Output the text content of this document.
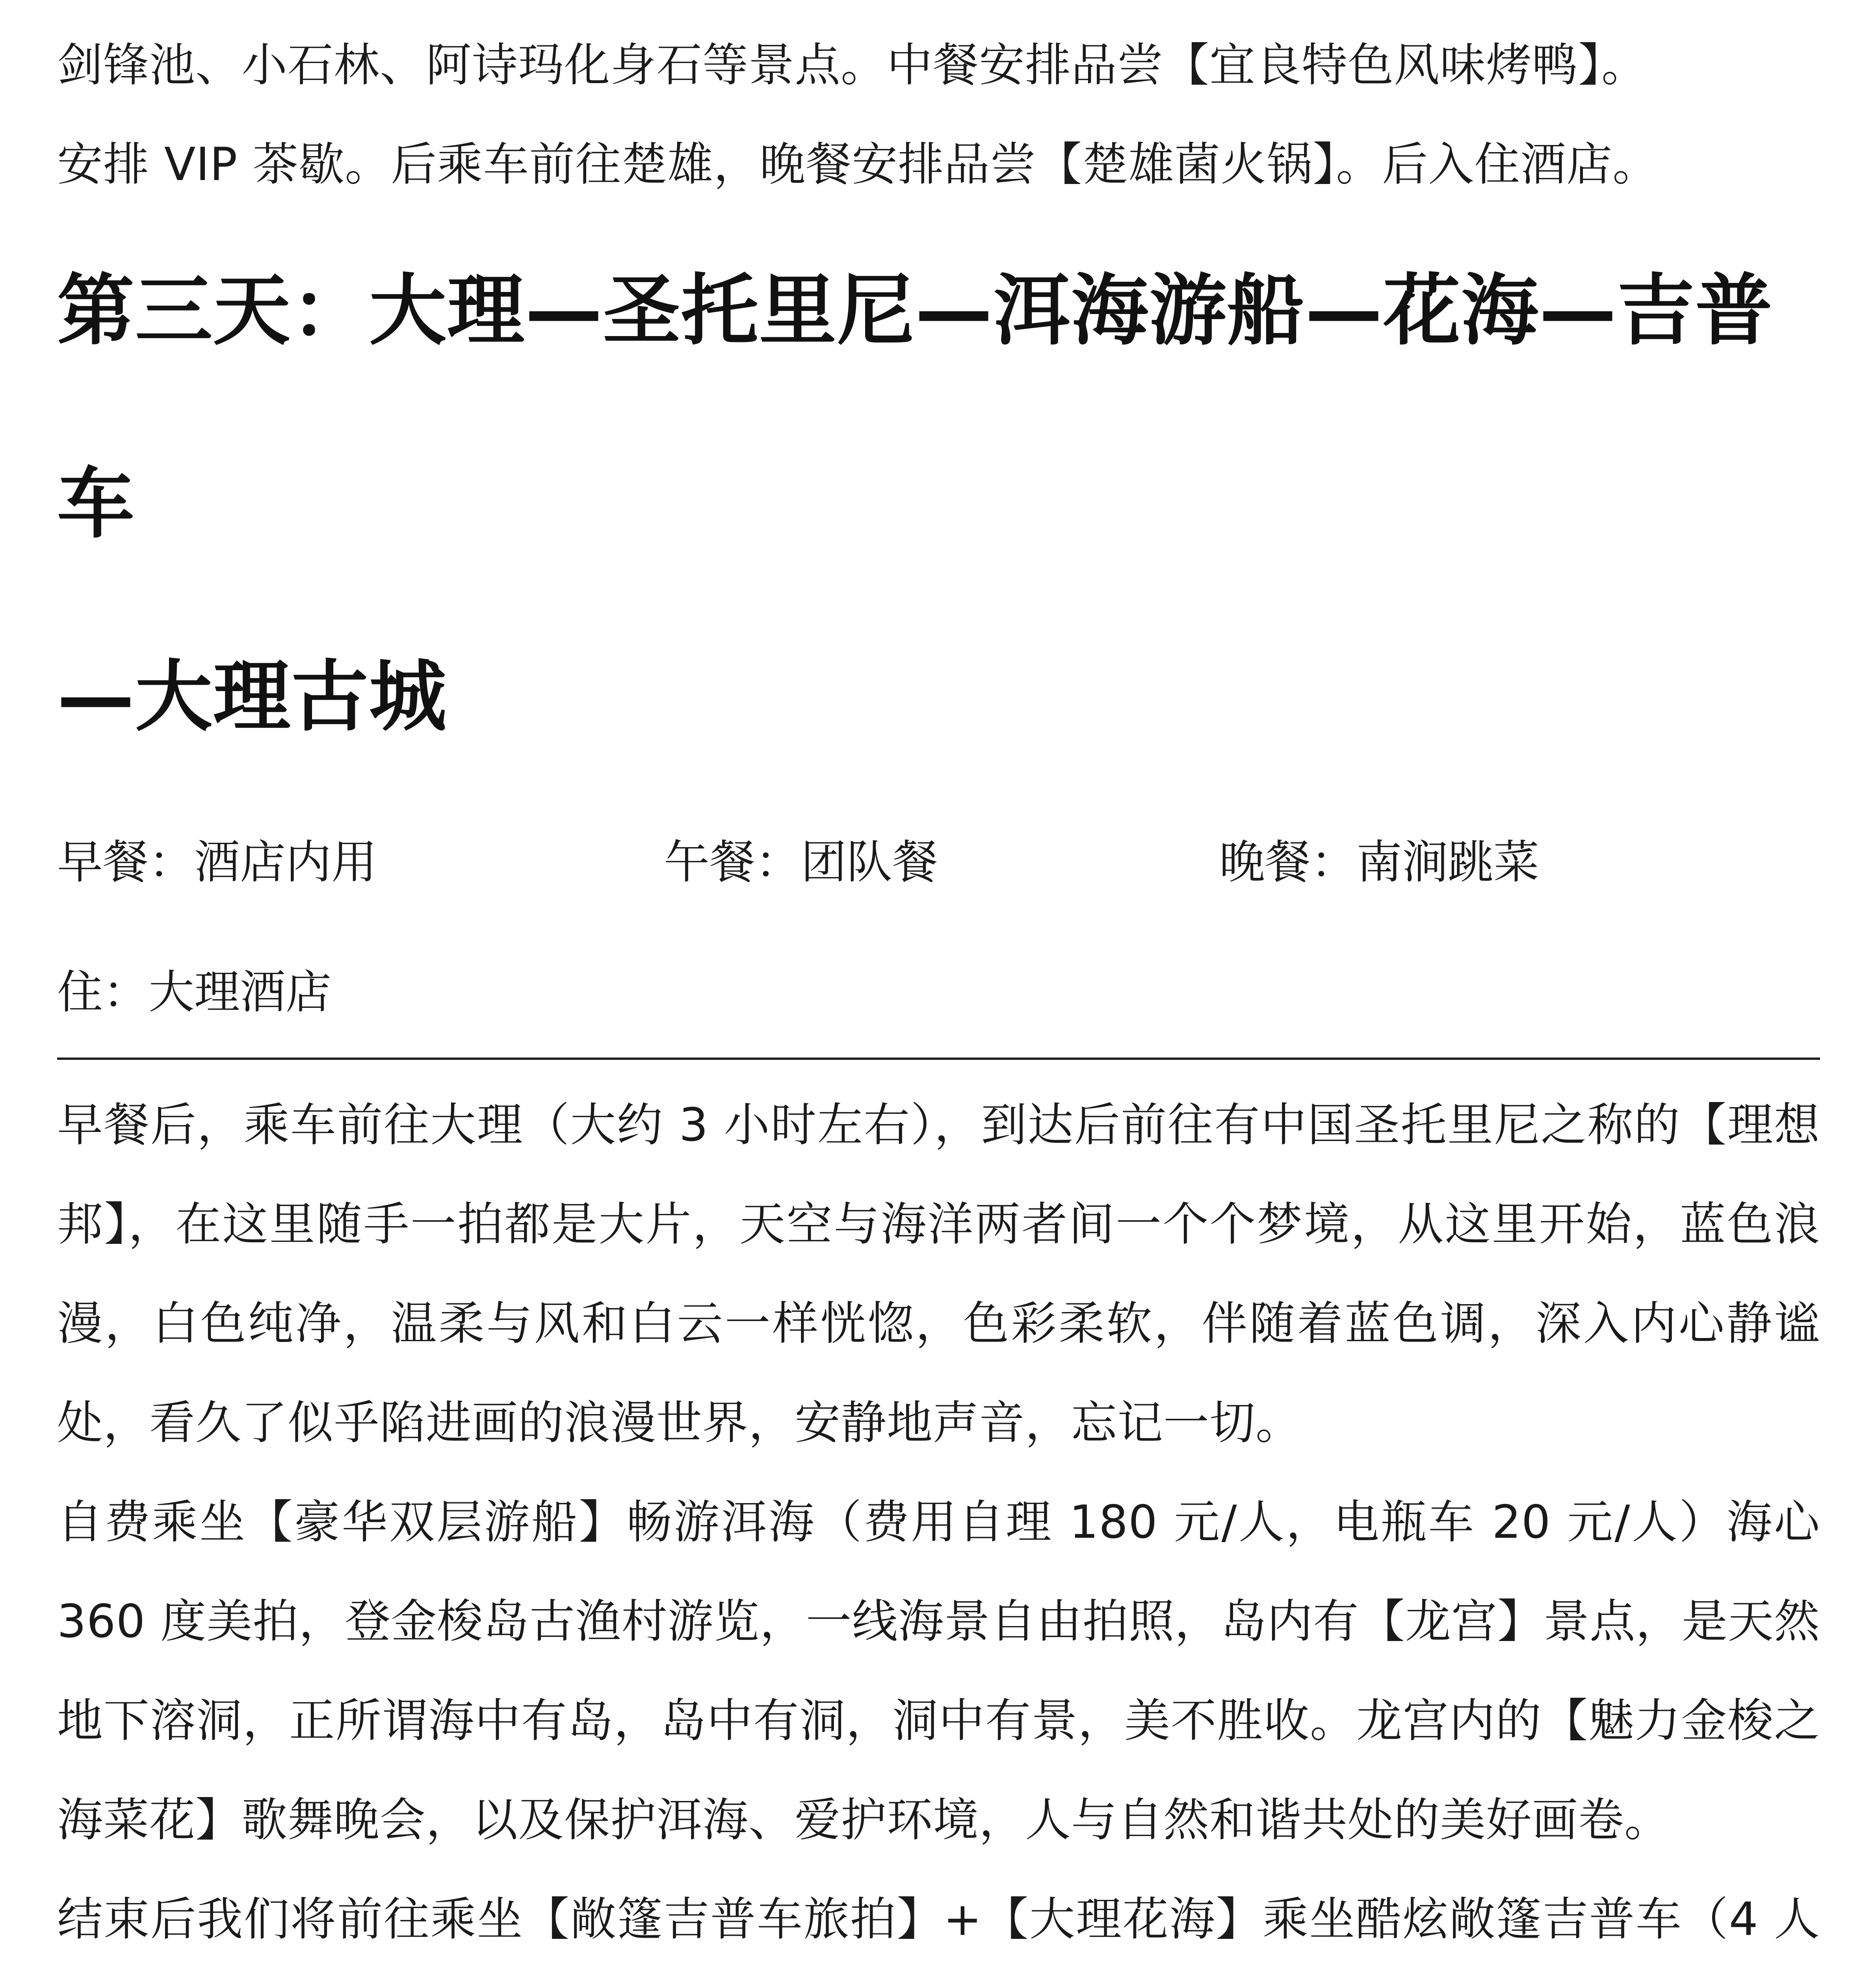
剑锋池、小石林、阿诗玛化身石等景点。中餐安排品尝【宜良特色风味烤鸭】。

安排 VIP 茶歇。后乘车前往楚雄，晚餐安排品尝【楚雄菌火锅】。后入住酒店。

第三天：大理—圣托里尼—洱海游船—花海—吉普车
—大理古城
早餐：酒店内用	午餐：团队餐	晚餐：南涧跳菜
住：大理酒店

早餐后，乘车前往大理（大约 3 小时左右），到达后前往有中国圣托里尼之称的【理想邦】，在这里随手一拍都是大片，天空与海洋两者间一个个梦境，从这里开始，蓝色浪漫，白色纯净，温柔与风和白云一样恍惚，色彩柔软，伴随着蓝色调，深入内心静谧处，看久了似乎陷进画的浪漫世界，安静地声音，忘记一切。

自费乘坐【豪华双层游船】畅游洱海（费用自理 180 元/人，电瓶车 20 元/人）海心 360 度美拍，登金梭岛古渔村游览，一线海景自由拍照，岛内有【龙宫】景点，是天然地下溶洞，正所谓海中有岛，岛中有洞，洞中有景，美不胜收。龙宫内的【魅力金梭之海菜花】歌舞晚会，以及保护洱海、爱护环境，人与自然和谐共处的美好画卷。

结束后我们将前往乘坐【敞篷吉普车旅拍】+【大理花海】乘坐酷炫敞篷吉普车（4 人
